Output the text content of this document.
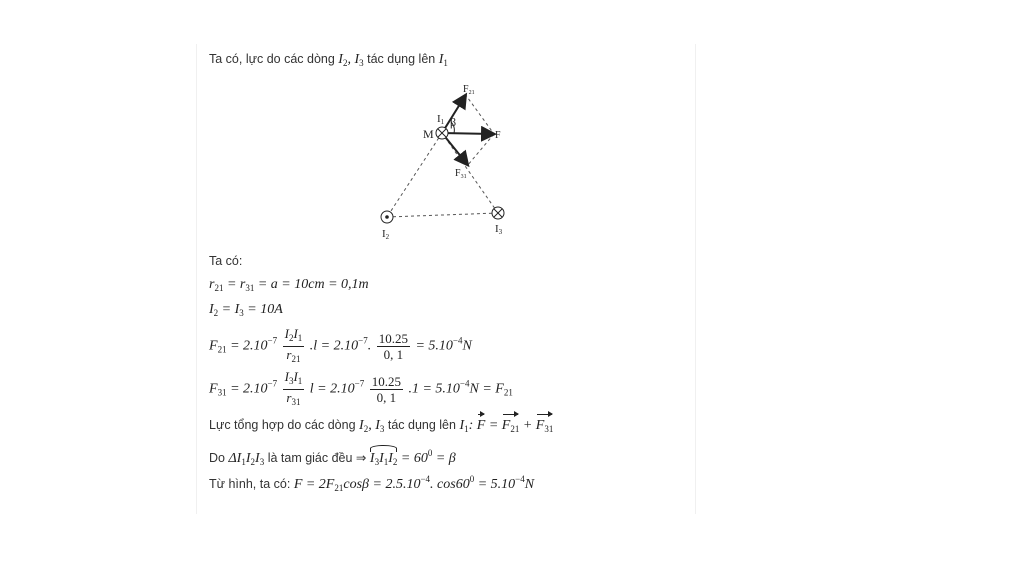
Ta có, lực do các dòng $I_2$, $I_3$ tác dụng lên $I_1$
M
I1 β
$F_{21}$
F
$F_{31}$
I2
I3
Ta có:
$r_{21} = r_{31} = a = 10cm = 0,1m$
$I_2 = I_3 = 10A$
$F_{21} = 2.10^{-7} \frac{I_2I_1}{r_{21}} .l = 2.10^{-7}$. $\frac{10.25}{0, 1} = 5.10^{-4}N$
$F_{31} = 2.10^{-7} \frac{I_3I_1}{r_{31}}$ $l = 2.10^{-7} \frac{10.25}{0, 1} .1 = 5.10^{-4}N = F_{21}$
Lực tổng hợp do các dòng $I_2$, $I_3$ tác dụng lên $I_1$: $F = F_{21} + F_{31}$
Do $\Delta I_1I_2I_3$ là tam giác đều ⇒ $I_3I_1I_2 = 60^0 = \beta$
Từ hình, ta có: $F = 2F_{21}\cos\beta = 2.5.10^{-4}$. $\cos 60^0 = 5.10^{-4}N$
